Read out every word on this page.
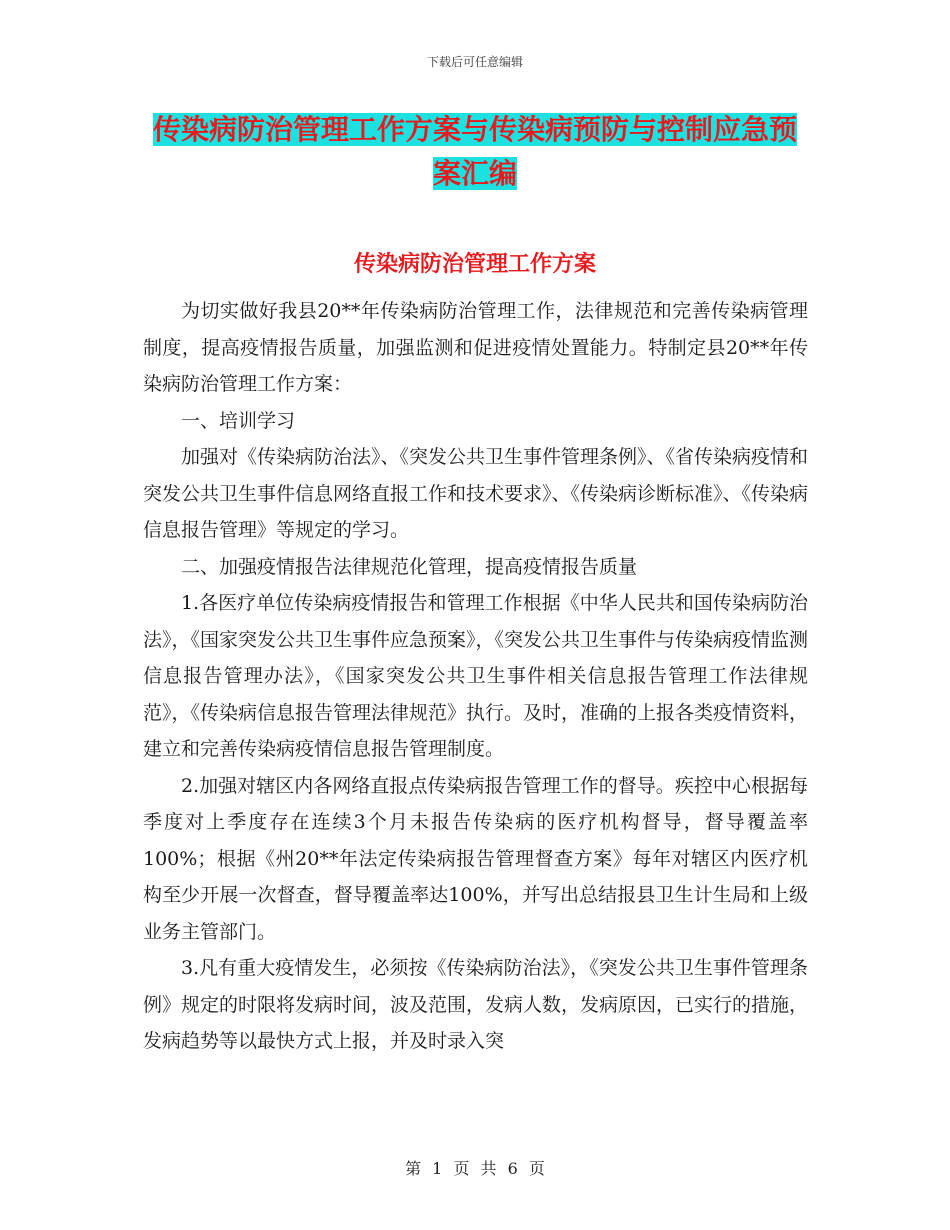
下载后可任意编辑
传染病防治管理工作方案与传染病预防与控制应急预
案汇编
传染病防治管理工作方案

为切实做好我县20**年传染病防治管理工作，法律规范和完善传染病管理制度，提高疫情报告质量，加强监测和促进疫情处置能力。特制定县20**年传染病防治管理工作方案：

一、培训学习

加强对《传染病防治法》、《突发公共卫生事件管理条例》、《省传染病疫情和突发公共卫生事件信息网络直报工作和技术要求》、《传染病诊断标准》、《传染病信息报告管理》等规定的学习。

二、加强疫情报告法律规范化管理，提高疫情报告质量

1.各医疗单位传染病疫情报告和管理工作根据《中华人民共和国传染病防治法》，《国家突发公共卫生事件应急预案》，《突发公共卫生事件与传染病疫情监测信息报告管理办法》，《国家突发公共卫生事件相关信息报告管理工作法律规范》，《传染病信息报告管理法律规范》执行。及时，准确的上报各类疫情资料，建立和完善传染病疫情信息报告管理制度。

2.加强对辖区内各网络直报点传染病报告管理工作的督导。疾控中心根据每季度对上季度存在连续3个月未报告传染病的医疗机构督导，督导覆盖率100%；根据《州20**年法定传染病报告管理督查方案》每年对辖区内医疗机构至少开展一次督查，督导覆盖率达100%，并写出总结报县卫生计生局和上级业务主管部门。

3.凡有重大疫情发生，必须按《传染病防治法》，《突发公共卫生事件管理条例》规定的时限将发病时间，波及范围，发病人数，发病原因，已实行的措施，发病趋势等以最快方式上报，并及时录入突

第 1 页 共 6 页
